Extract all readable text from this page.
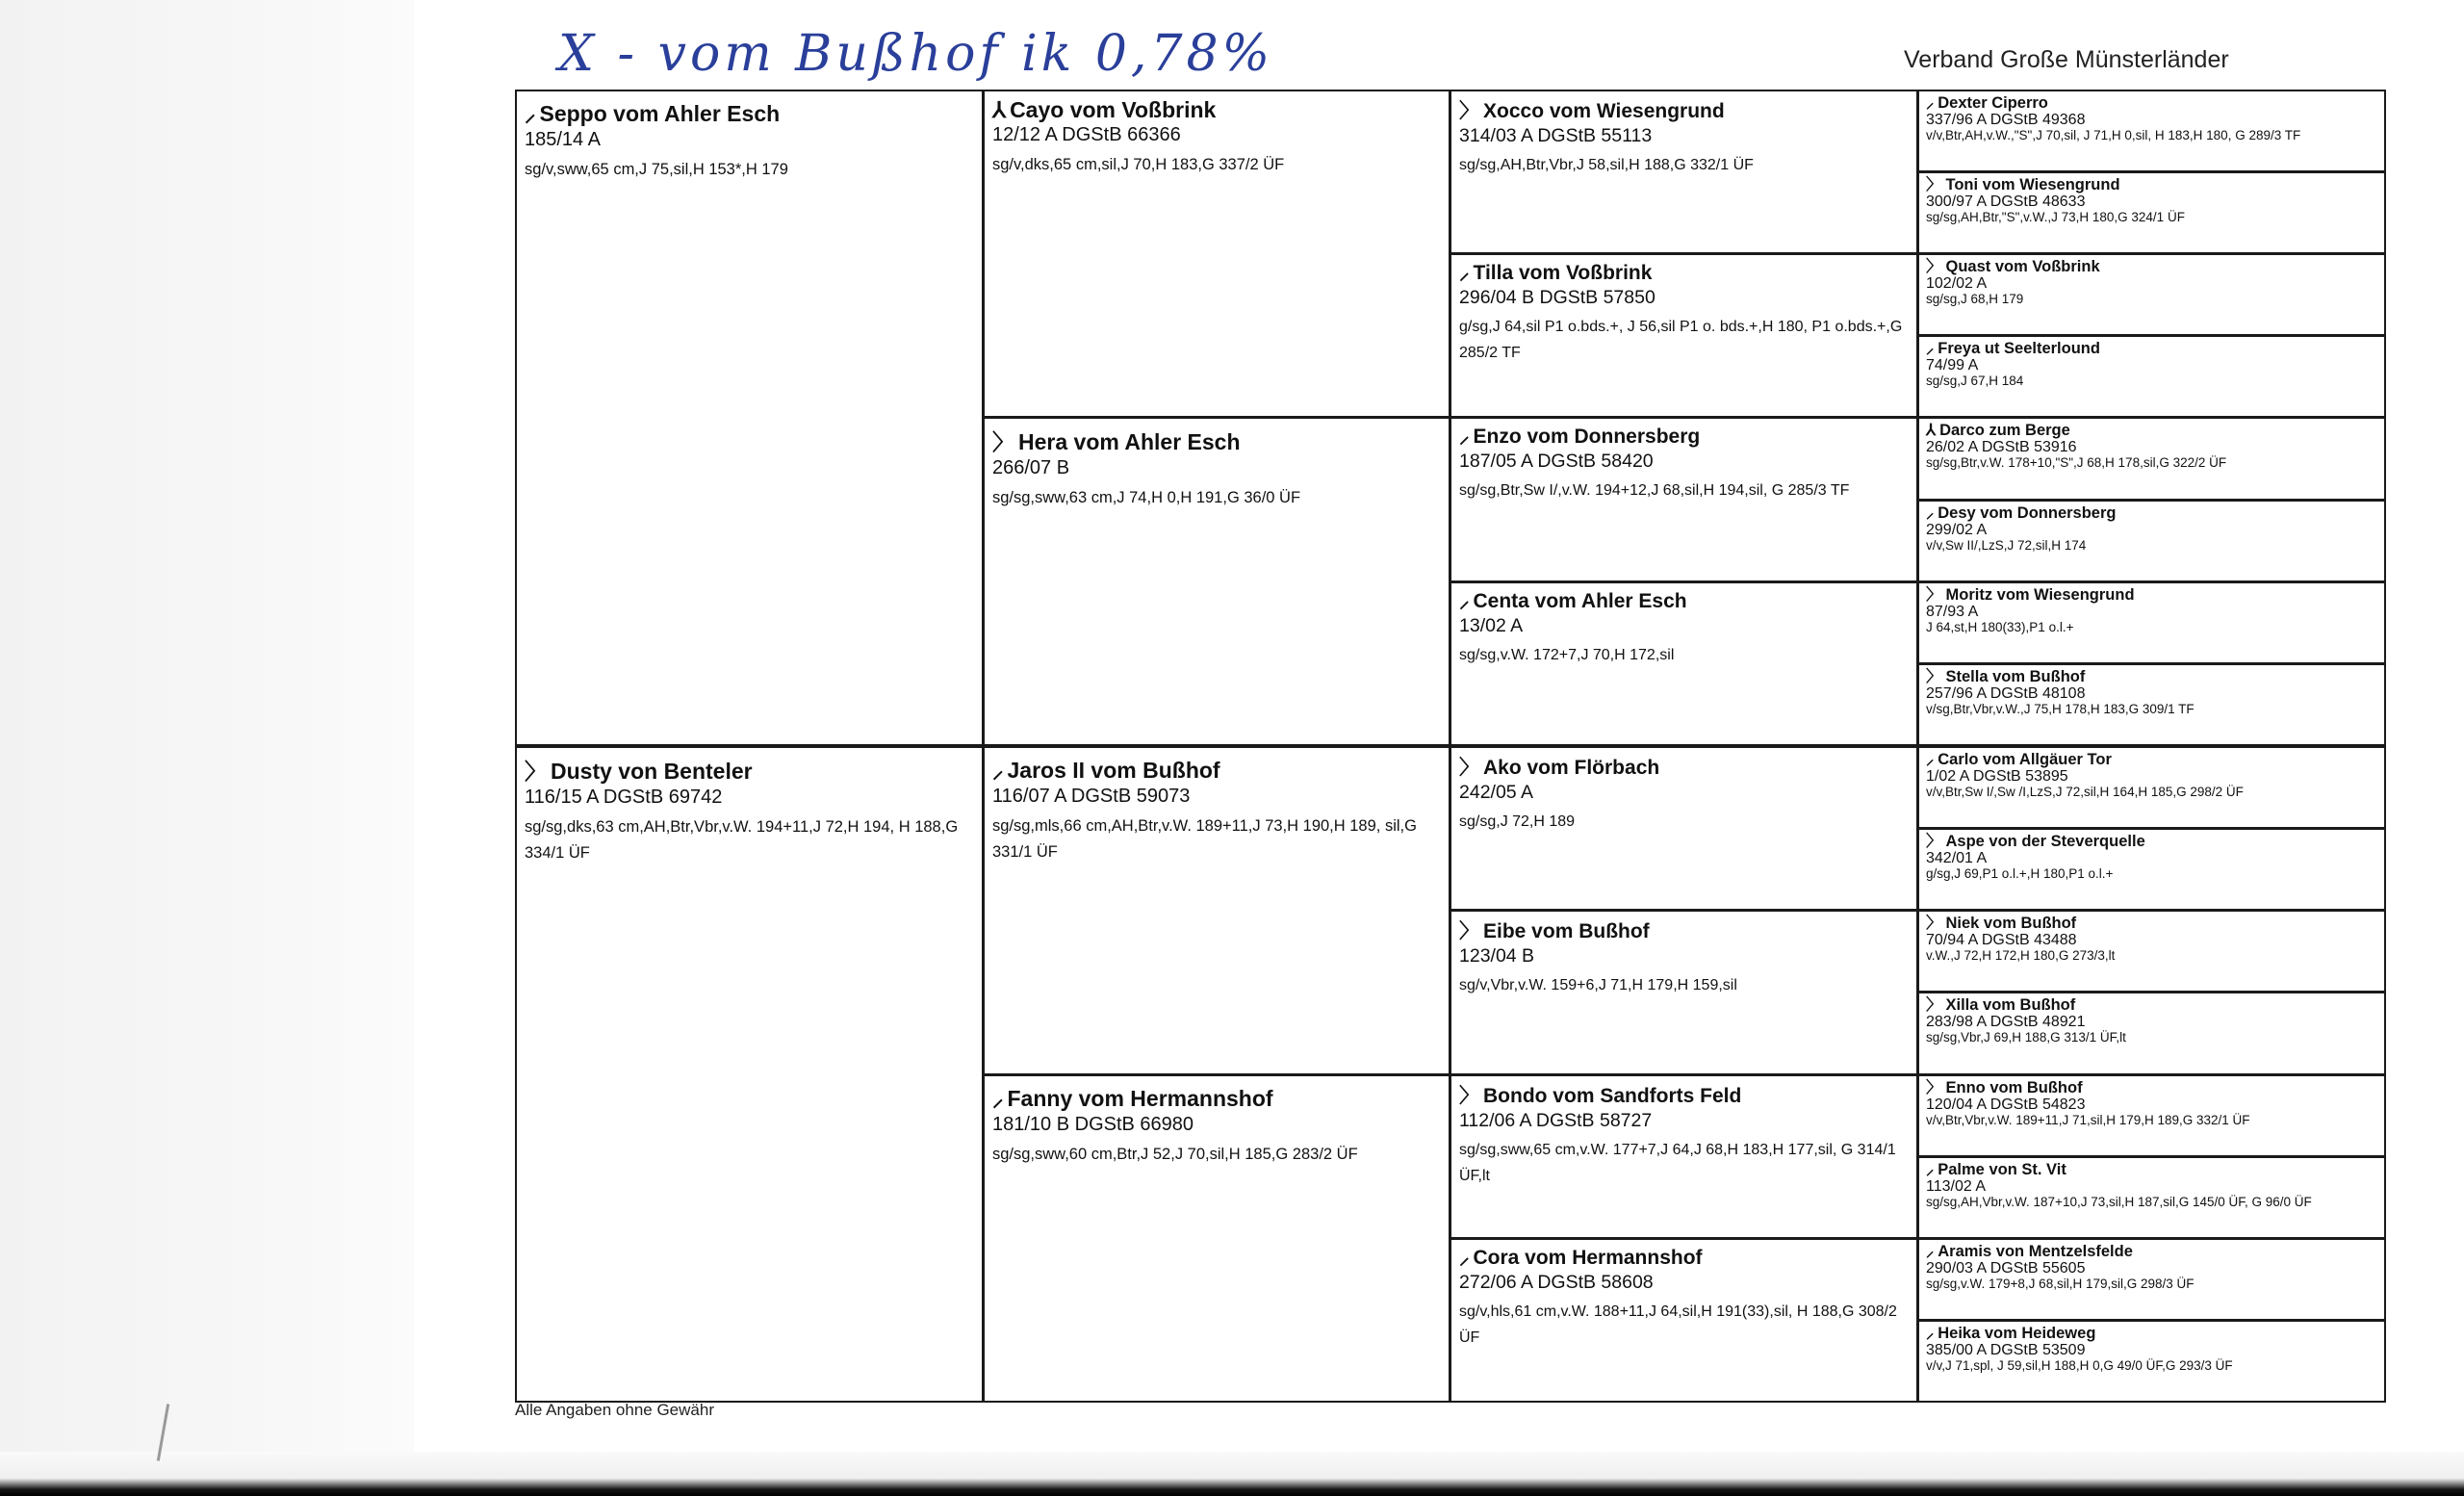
X - vom Bußhof ik 0,78%	Verband Große Münsterländer
⸝ Seppo vom Ahler Esch
185/14 A
sg/v,sww,65 cm,J 75,sil,H 153*,H 179
〉 Dusty von Benteler
116/15 A DGStB 69742
sg/sg,dks,63 cm,AH,Btr,Vbr,v.W. 194+11,J 72,H 194, H 188,G 334/1 ÜF
⅄ Cayo vom Voßbrink
12/12 A DGStB 66366
sg/v,dks,65 cm,sil,J 70,H 183,G 337/2 ÜF
〉 Hera vom Ahler Esch
266/07 B
sg/sg,sww,63 cm,J 74,H 0,H 191,G 36/0 ÜF
⸝ Jaros II vom Bußhof
116/07 A DGStB 59073
sg/sg,mls,66 cm,AH,Btr,v.W. 189+11,J 73,H 190,H 189, sil,G 331/1 ÜF
⸝ Fanny vom Hermannshof
181/10 B DGStB 66980
sg/sg,sww,60 cm,Btr,J 52,J 70,sil,H 185,G 283/2 ÜF
〉 Xocco vom Wiesengrund
314/03 A DGStB 55113
sg/sg,AH,Btr,Vbr,J 58,sil,H 188,G 332/1 ÜF
⸝ Tilla vom Voßbrink
296/04 B DGStB 57850
g/sg,J 64,sil P1 o.bds.+, J 56,sil P1 o. bds.+,H 180, P1 o.bds.+,G 285/2 TF
⸝ Enzo vom Donnersberg
187/05 A DGStB 58420
sg/sg,Btr,Sw I/,v.W. 194+12,J 68,sil,H 194,sil, G 285/3 TF
⸝ Centa vom Ahler Esch
13/02 A
sg/sg,v.W. 172+7,J 70,H 172,sil
〉 Ako vom Flörbach
242/05 A
sg/sg,J 72,H 189
〉 Eibe vom Bußhof
123/04 B
sg/v,Vbr,v.W. 159+6,J 71,H 179,H 159,sil
〉 Bondo vom Sandforts Feld
112/06 A DGStB 58727
sg/sg,sww,65 cm,v.W. 177+7,J 64,J 68,H 183,H 177,sil, G 314/1 ÜF,lt
⸝ Cora vom Hermannshof
272/06 A DGStB 58608
sg/v,hls,61 cm,v.W. 188+11,J 64,sil,H 191(33),sil, H 188,G 308/2 ÜF
⸝ Dexter Ciperro
337/96 A DGStB 49368
v/v,Btr,AH,v.W.,"S",J 70,sil, J 71,H 0,sil, H 183,H 180, G 289/3 TF
〉 Toni vom Wiesengrund
300/97 A DGStB 48633
sg/sg,AH,Btr,"S",v.W.,J 73,H 180,G 324/1 ÜF
〉 Quast vom Voßbrink
102/02 A
sg/sg,J 68,H 179
⸝ Freya ut Seelterlound
74/99 A
sg/sg,J 67,H 184
⅄ Darco zum Berge
26/02 A DGStB 53916
sg/sg,Btr,v.W. 178+10,"S",J 68,H 178,sil,G 322/2 ÜF
⸝ Desy vom Donnersberg
299/02 A
v/v,Sw II/,LzS,J 72,sil,H 174
〉 Moritz vom Wiesengrund
87/93 A
J 64,st,H 180(33),P1 o.l.+
〉 Stella vom Bußhof
257/96 A DGStB 48108
v/sg,Btr,Vbr,v.W.,J 75,H 178,H 183,G 309/1 TF
⸝ Carlo vom Allgäuer Tor
1/02 A DGStB 53895
v/v,Btr,Sw I/,Sw /I,LzS,J 72,sil,H 164,H 185,G 298/2 ÜF
〉 Aspe von der Steverquelle
342/01 A
g/sg,J 69,P1 o.l.+,H 180,P1 o.l.+
〉 Niek vom Bußhof
70/94 A DGStB 43488
v.W.,J 72,H 172,H 180,G 273/3,lt
〉 Xilla vom Bußhof
283/98 A DGStB 48921
sg/sg,Vbr,J 69,H 188,G 313/1 ÜF,lt
〉 Enno vom Bußhof
120/04 A DGStB 54823
v/v,Btr,Vbr,v.W. 189+11,J 71,sil,H 179,H 189,G 332/1 ÜF
⸝ Palme von St. Vit
113/02 A
sg/sg,AH,Vbr,v.W. 187+10,J 73,sil,H 187,sil,G 145/0 ÜF, G 96/0 ÜF
⸝ Aramis von Mentzelsfelde
290/03 A DGStB 55605
sg/sg,v.W. 179+8,J 68,sil,H 179,sil,G 298/3 ÜF
⸝ Heika vom Heideweg
385/00 A DGStB 53509
v/v,J 71,spl, J 59,sil,H 188,H 0,G 49/0 ÜF,G 293/3 ÜF
Alle Angaben ohne Gewähr
